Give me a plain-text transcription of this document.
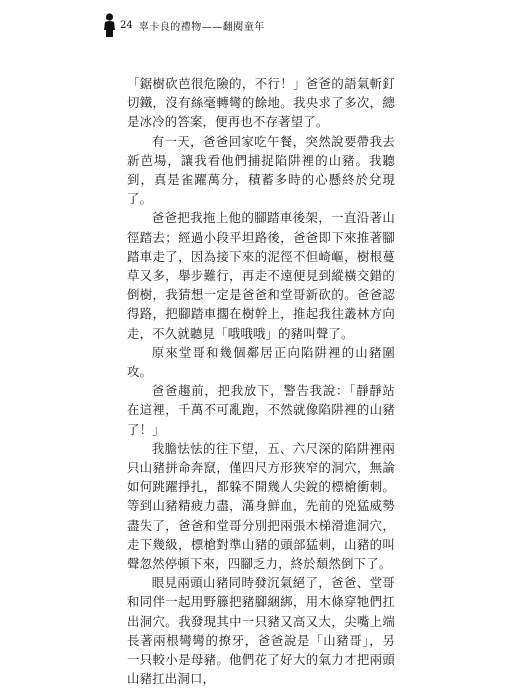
24 辜卡良的禮物——翻閱童年

「鋸樹砍芭很危險的，不行！」爸爸的語氣斬釘切鐵，沒有絲毫轉彎的餘地。我央求了多次，總是冰冷的答案，便再也不存著望了。

有一天，爸爸回家吃午餐，突然說要帶我去新芭場，讓我看他們捕捉陷阱裡的山豬。我聽到，真是雀躍萬分，積蓄多時的心懸終於兌現了。

爸爸把我拖上他的腳踏車後架，一直沿著山徑踏去；經過小段平坦路後，爸爸即下來推著腳踏車走了，因為接下來的泥徑不但崎嶇，樹根蔓草又多，舉步難行，再走不遠便見到縱橫交錯的倒樹，我猜想一定是爸爸和堂哥新砍的。爸爸認得路，把腳踏車擱在樹幹上，推起我往叢林方向走，不久就聽見「哦哦哦」的豬叫聲了。

原來堂哥和幾個鄰居正向陷阱裡的山豬圍攻。

爸爸趨前，把我放下，警告我說：「靜靜站在這裡，千萬不可亂跑，不然就像陷阱裡的山豬了！」

我膽怯怯的往下望，五、六尺深的陷阱裡兩只山豬拼命奔竄，僅四尺方形狹窄的洞穴，無論如何跳躍掙扎，都躲不開幾人尖銳的標槍衝刺。等到山豬精疲力盡，滿身鮮血，先前的兇猛威勢盡失了，爸爸和堂哥分別把兩張木梯滑進洞穴，走下幾級，標槍對準山豬的頭部猛刺，山豬的叫聲忽然停頓下來，四腳乏力，終於頹然倒下了。

眼見兩頭山豬同時發沉氣絕了，爸爸、堂哥和同伴一起用野籐把豬腳綑綁，用木條穿牠們扛出洞穴。我發現其中一只豬又高又大，尖嘴上端長著兩根彎彎的撩牙，爸爸說是「山豬哥」，另一只較小是母豬。他們花了好大的氣力才把兩頭山豬扛出洞口，
